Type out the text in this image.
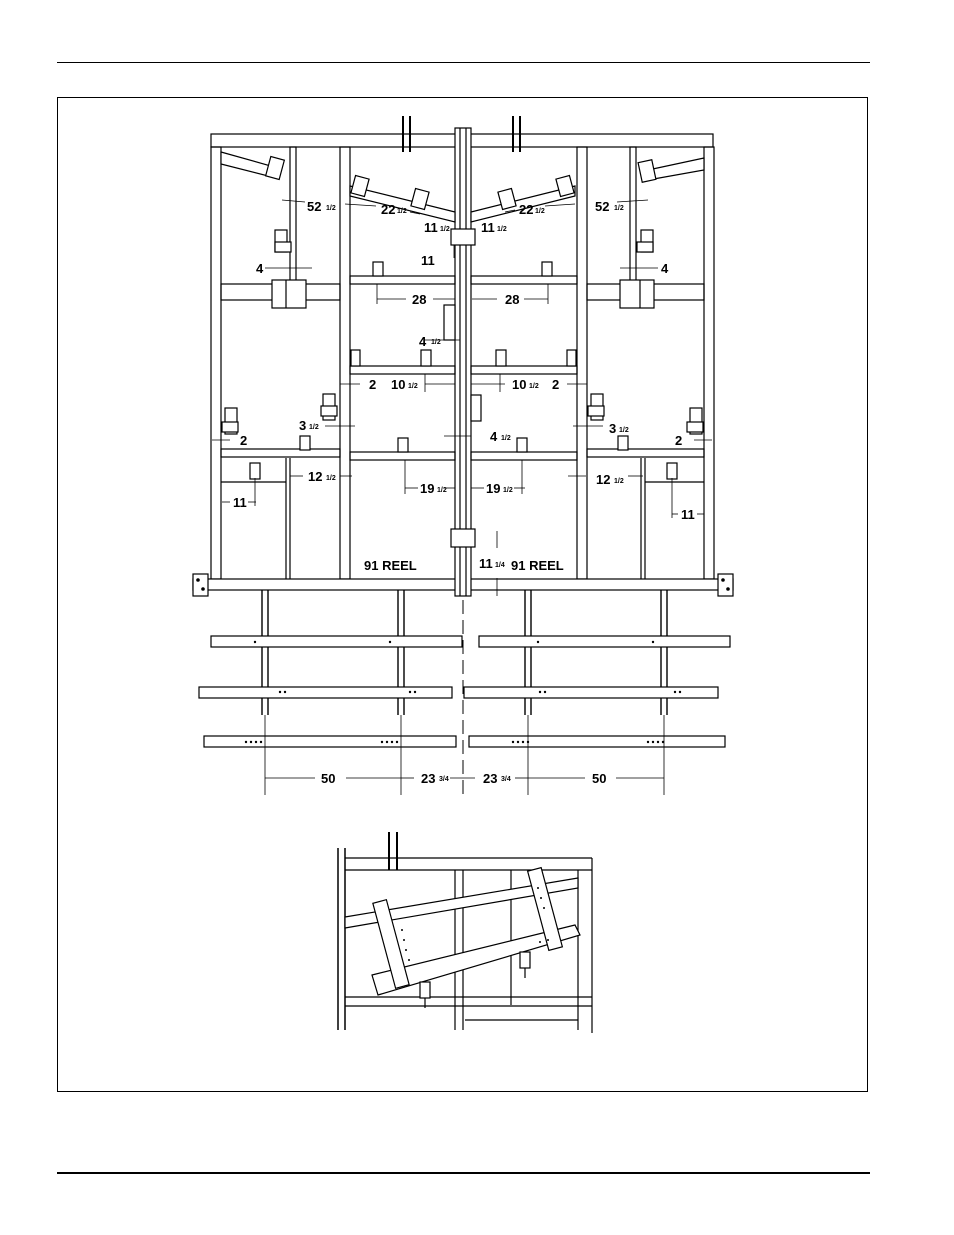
52 1/2	22 1/2
11 1/2 11 1/2
22 1/2	52 1/2
11
4	4
28	28
4 1/2
2 10 1/2	10 1/2 2
3 1/2	3 1/2
2	2
4 1/2
12 1/2	12 1/2
19 1/2	19 1/2
11
11
11 1/4
91 REEL	91 REEL
50	23 3/4	23 3/4	50
